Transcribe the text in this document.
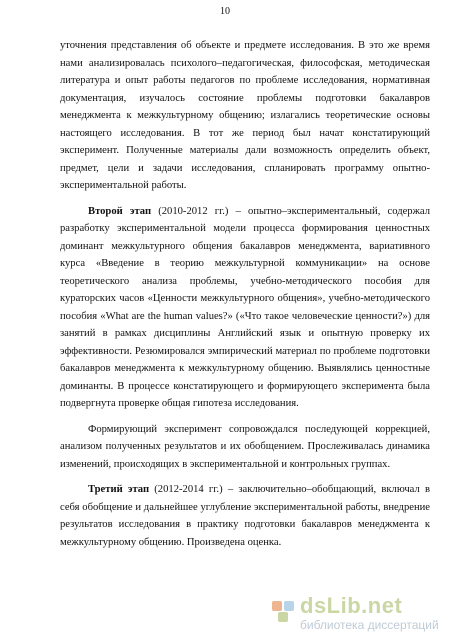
10

уточнения представления об объекте и предмете исследования. В это же время нами анализировалась психолого–педагогическая, философская, методическая литература и опыт работы педагогов по проблеме исследования, нормативная документация, изучалось состояние проблемы подготовки бакалавров менеджмента к межкультурному общению; излагались теоретические основы настоящего исследования. В тот же период был начат констатирующий эксперимент. Полученные материалы дали возможность определить объект, предмет, цели и задачи исследования, спланировать программу опытно-экспериментальной работы.

Второй этап (2010-2012 гг.) – опытно–экспериментальный, содержал разработку экспериментальной модели процесса формирования ценностных доминант межкультурного общения бакалавров менеджмента, вариативного курса «Введение в теорию межкультурной коммуникации» на основе теоретического анализа проблемы, учебно-методического пособия для кураторских часов «Ценности межкультурного общения», учебно-методического пособия «What are the human values?» («Что такое человеческие ценности?») для занятий в рамках дисциплины Английский язык и опытную проверку их эффективности. Резюмировался эмпирический материал по проблеме подготовки бакалавров менеджмента к межкультурному общению. Выявлялись ценностные доминанты. В процессе констатирующего и формирующего эксперимента была подвергнута проверке общая гипотеза исследования.

Формирующий эксперимент сопровождался последующей коррекцией, анализом полученных результатов и их обобщением. Прослеживалась динамика изменений, происходящих в экспериментальной и контрольных группах.

Третий этап (2012-2014 гг.) – заключительно–обобщающий, включал в себя обобщение и дальнейшее углубление экспериментальной работы, внедрение результатов исследования в практику подготовки бакалавров менеджмента к межкультурному общению. Произведена оценка.

dsLib.net
библиотека диссертаций
